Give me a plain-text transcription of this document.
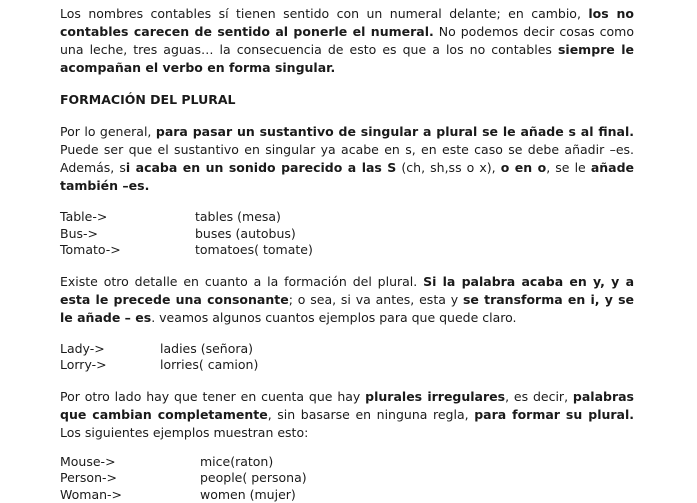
Los nombres contables sí tienen sentido con un numeral delante; en cambio, los no contables carecen de sentido al ponerle el numeral. No podemos decir cosas como una leche, tres aguas… la consecuencia de esto es que a los no contables siempre le acompañan el verbo en forma singular.

FORMACIÓN DEL PLURAL

Por lo general, para pasar un sustantivo de singular a plural se le añade s al final. Puede ser que el sustantivo en singular ya acabe en s, en este caso se debe añadir –es. Además, si acaba en un sonido parecido a las S (ch, sh,ss o x), o en o, se le añade también –es.

Table->	tables (mesa)
Bus->	buses (autobus)
Tomato->	tomatoes( tomate)

Existe otro detalle en cuanto a la formación del plural. Si la palabra acaba en y, y a esta le precede una consonante; o sea, si va antes, esta y se transforma en i, y se le añade – es. veamos algunos cuantos ejemplos para que quede claro.

Lady->	ladies (señora)
Lorry->	lorries( camion)

Por otro lado hay que tener en cuenta que hay plurales irregulares, es decir, palabras que cambian completamente, sin basarse en ninguna regla, para formar su plural. Los siguientes ejemplos muestran esto:

Mouse->	mice(raton)
Person->	people( persona)
Woman->	women (mujer)
